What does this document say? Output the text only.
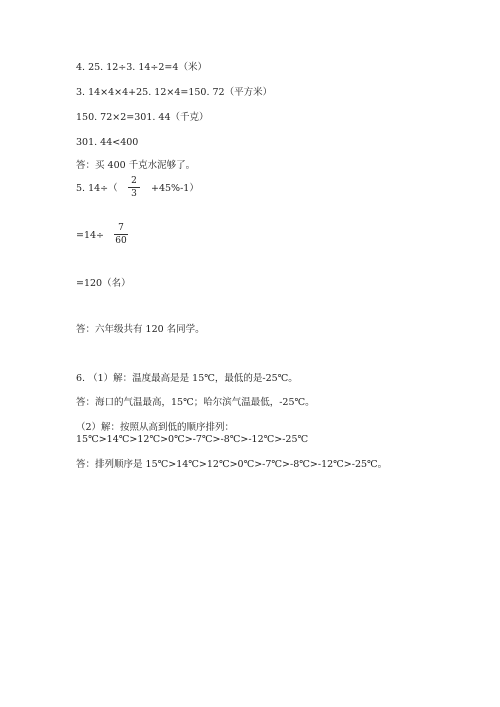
4. 25. 12÷3. 14÷2=4（米）
3. 14×4×4+25. 12×4=150. 72（平方米）
150. 72×2=301. 44（千克）
301. 44<400
答：买 400 千克水泥够了。
5. 14÷（
2
3	+45%-1）
=14÷
7
60
=120（名）
答：六年级共有 120 名同学。
6. （1）解：温度最高是是 15℃，最低的是-25℃。
答：海口的气温最高，15℃；哈尔滨气温最低，-25℃。
（2）解：按照从高到低的顺序排列：15℃>14℃>12℃>0℃>-7℃>-8℃>-12℃>-25℃
答：排列顺序是 15℃>14℃>12℃>0℃>-7℃>-8℃>-12℃>-25℃。
